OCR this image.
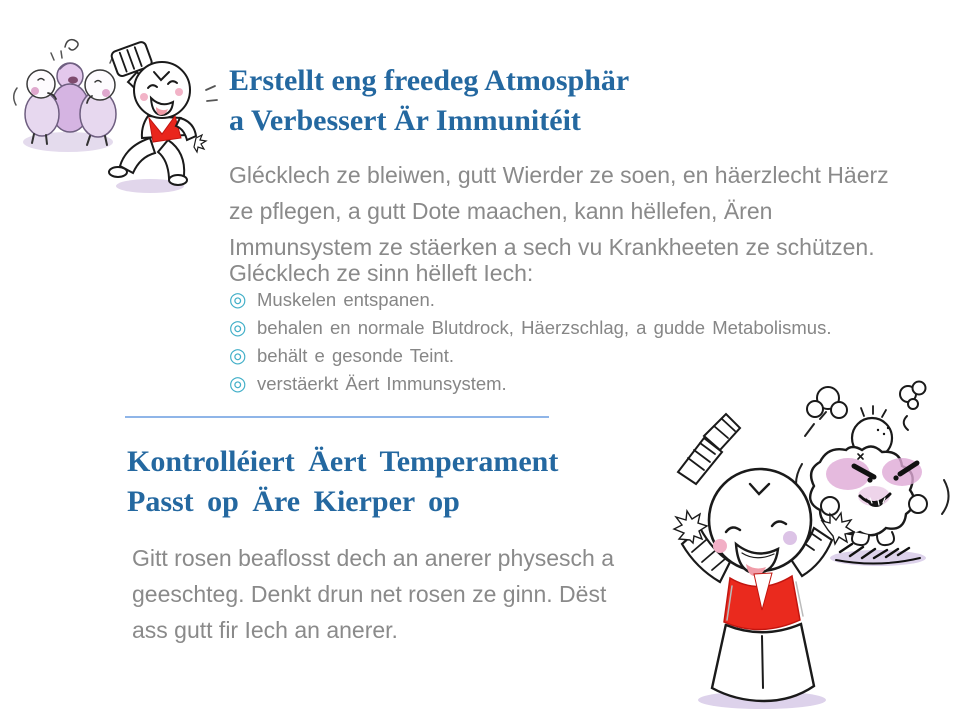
Erstellt eng freedeg Atmosphär
a Verbessert Är Immunitéit
Glécklech ze bleiwen, gutt Wierder ze soen, en häerzlecht Häerz
ze pflegen, a gutt Dote maachen, kann hëllefen, Ären
Immunsystem ze stäerken a sech vu Krankheeten ze schützen.
Glécklech ze sinn hëlleft Iech:
◎ Muskelen entspanen.
◎ behalen en normale Blutdrock, Häerzschlag, a gudde Metabolismus.
◎ behält e gesonde Teint.
◎ verstäerkt Äert Immunsystem.
Kontrolléiert Äert Temperament
Passt op Äre Kierper op
Gitt rosen beaflosst dech an anerer physesch a
geeschteg. Denkt drun net rosen ze ginn. Dëst
ass gutt fir Iech an anerer.
